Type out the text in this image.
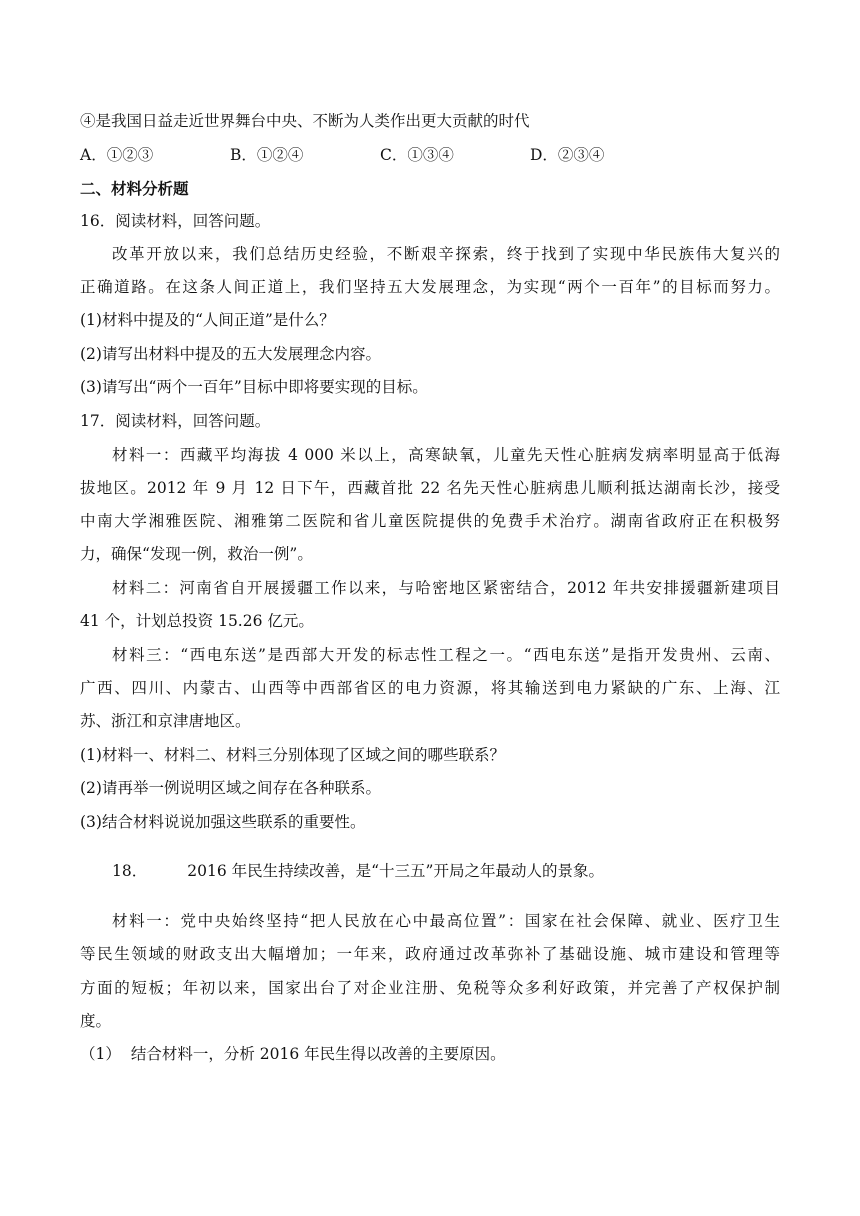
④是我国日益走近世界舞台中央、不断为人类作出更大贡献的时代
A．①②③	B．①②④	C．①③④	D．②③④
二、材料分析题
16．阅读材料，回答问题。
改革开放以来，我们总结历史经验，不断艰辛探索，终于找到了实现中华民族伟大复兴的
正确道路。在这条人间正道上，我们坚持五大发展理念，为实现“两个一百年”的目标而努力。
(1)材料中提及的“人间正道”是什么？
(2)请写出材料中提及的五大发展理念内容。
(3)请写出“两个一百年”目标中即将要实现的目标。
17．阅读材料，回答问题。
材料一：西藏平均海拔 4 000 米以上，高寒缺氧，儿童先天性心脏病发病率明显高于低海
拔地区。2012 年 9 月 12 日下午，西藏首批 22 名先天性心脏病患儿顺利抵达湖南长沙，接受
中南大学湘雅医院、湘雅第二医院和省儿童医院提供的免费手术治疗。湖南省政府正在积极努
力，确保“发现一例，救治一例”。
材料二：河南省自开展援疆工作以来，与哈密地区紧密结合，2012 年共安排援疆新建项目
41 个，计划总投资 15.26 亿元。
材料三：“西电东送”是西部大开发的标志性工程之一。“西电东送”是指开发贵州、云南、
广西、四川、内蒙古、山西等中西部省区的电力资源，将其输送到电力紧缺的广东、上海、江
苏、浙江和京津唐地区。
(1)材料一、材料二、材料三分别体现了区域之间的哪些联系？
(2)请再举一例说明区域之间存在各种联系。
(3)结合材料说说加强这些联系的重要性。
18．	2016 年民生持续改善，是“十三五”开局之年最动人的景象。
材料一：党中央始终坚持“把人民放在心中最高位置”：国家在社会保障、就业、医疗卫生
等民生领域的财政支出大幅增加；一年来，政府通过改革弥补了基础设施、城市建设和管理等
方面的短板；年初以来，国家出台了对企业注册、免税等众多利好政策，并完善了产权保护制
度。
（1） 结合材料一，分析 2016 年民生得以改善的主要原因。
